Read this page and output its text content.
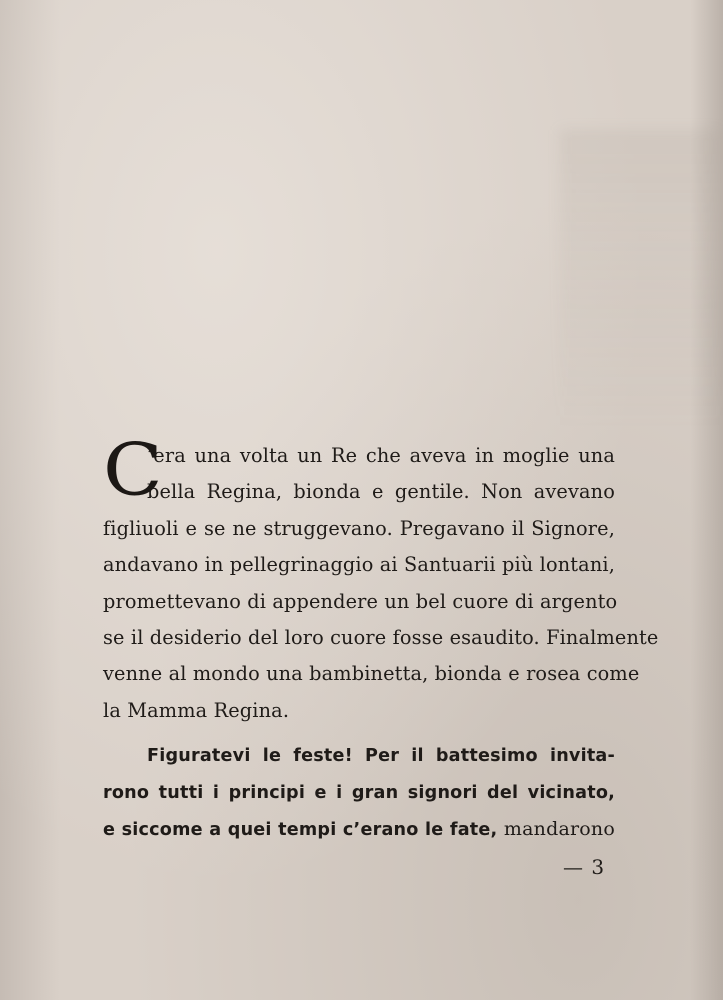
C
’era una volta un Re che aveva in moglie una
bella Regina, bionda e gentile. Non avevano
figliuoli e se ne struggevano. Pregavano il Signore,
andavano in pellegrinaggio ai Santuarii più lontani,
promettevano di appendere un bel cuore di argento
se il desiderio del loro cuore fosse esaudito. Finalmente
venne al mondo una bambinetta, bionda e rosea come
la Mamma Regina.
Figuratevi le feste! Per il battesimo invita-
rono tutti i principi e i gran signori del vicinato,
e siccome a quei tempi c’erano le fate, mandarono
— 3
